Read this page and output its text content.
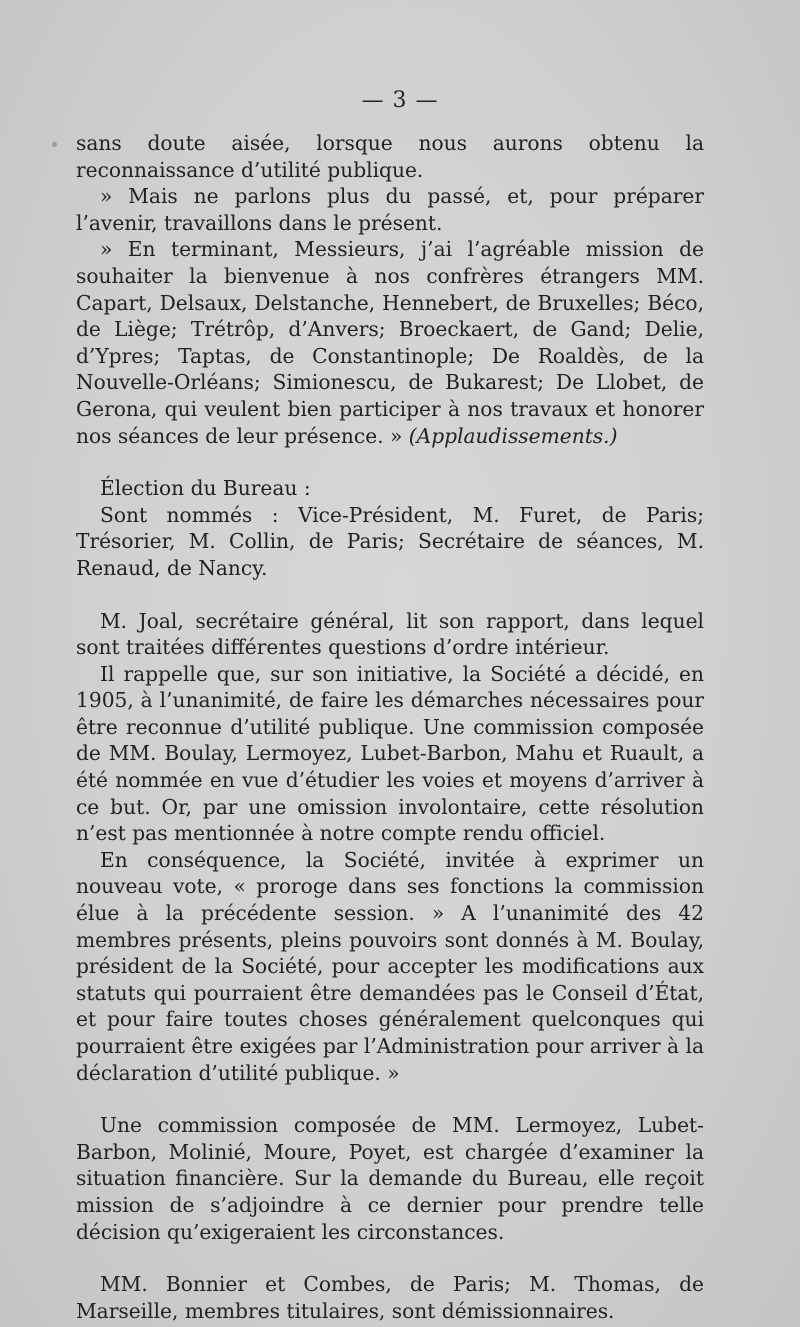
— 3 —

sans doute aisée, lorsque nous aurons obtenu la reconnaissance d’utilité publique.

» Mais ne parlons plus du passé, et, pour préparer l’avenir, travaillons dans le présent.

» En terminant, Messieurs, j’ai l’agréable mission de souhaiter la bienvenue à nos confrères étrangers MM. Capart, Delsaux, Delstanche, Hennebert, de Bruxelles; Béco, de Liège; Trétrôp, d’Anvers; Broeckaert, de Gand; Delie, d’Ypres; Taptas, de Constantinople; De Roaldès, de la Nouvelle-Orléans; Simionescu, de Bukarest; De Llobet, de Gerona, qui veulent bien participer à nos travaux et honorer nos séances de leur présence. » (Applaudissements.)

Élection du Bureau :

Sont nommés : Vice-Président, M. Furet, de Paris; Trésorier, M. Collin, de Paris; Secrétaire de séances, M. Renaud, de Nancy.

M. Joal, secrétaire général, lit son rapport, dans lequel sont traitées différentes questions d’ordre intérieur.

Il rappelle que, sur son initiative, la Société a décidé, en 1905, à l’unanimité, de faire les démarches nécessaires pour être reconnue d’utilité publique. Une commission composée de MM. Boulay, Lermoyez, Lubet-Barbon, Mahu et Ruault, a été nommée en vue d’étudier les voies et moyens d’arriver à ce but. Or, par une omission involontaire, cette résolution n’est pas mentionnée à notre compte rendu officiel.

En conséquence, la Société, invitée à exprimer un nouveau vote, « proroge dans ses fonctions la commission élue à la précédente session. » A l’unanimité des 42 membres présents, pleins pouvoirs sont donnés à M. Boulay, président de la Société, pour accepter les modifications aux statuts qui pourraient être demandées pas le Conseil d’État, et pour faire toutes choses généralement quelconques qui pourraient être exigées par l’Administration pour arriver à la déclaration d’utilité publique. »

Une commission composée de MM. Lermoyez, Lubet-Barbon, Molinié, Moure, Poyet, est chargée d’examiner la situation financière. Sur la demande du Bureau, elle reçoit mission de s’adjoindre à ce dernier pour prendre telle décision qu’exigeraient les circonstances.

MM. Bonnier et Combes, de Paris; M. Thomas, de Marseille, membres titulaires, sont démissionnaires.
